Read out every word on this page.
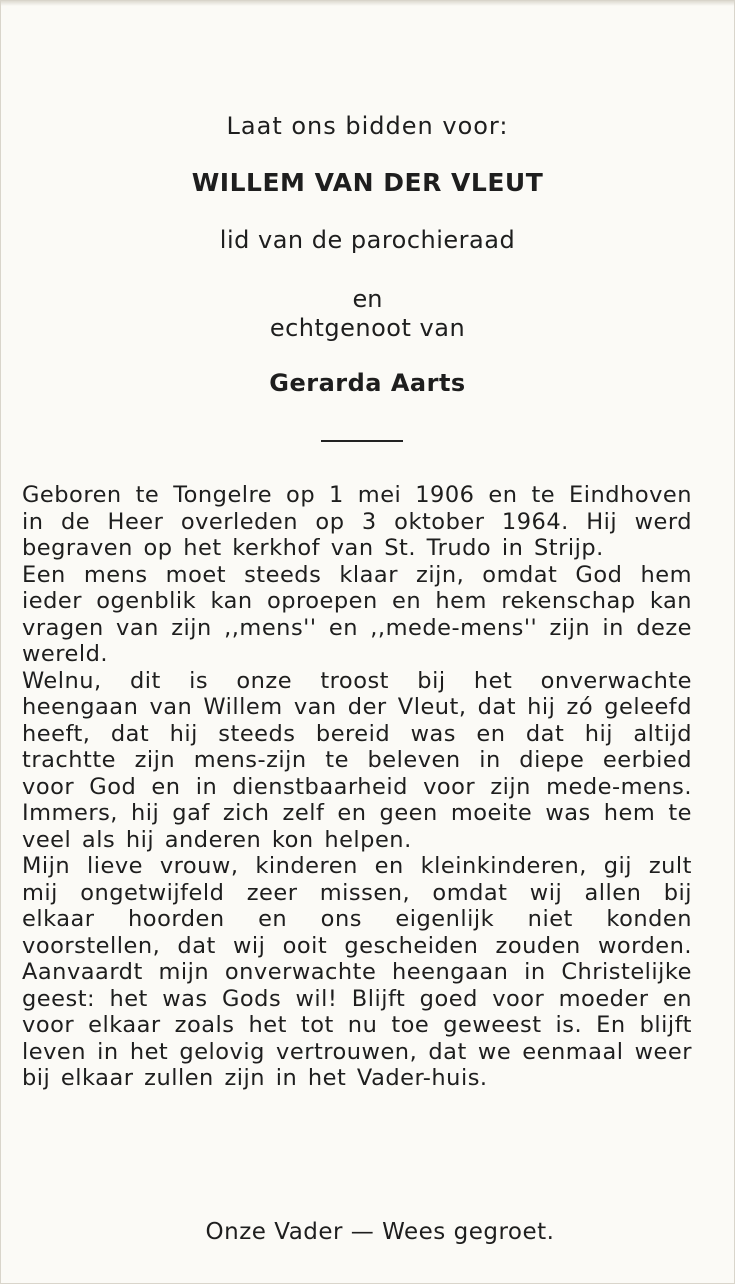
Laat ons bidden voor:
WILLEM VAN DER VLEUT
lid van de parochieraad
en
echtgenoot van
Gerarda Aarts

Geboren te Tongelre op 1 mei 1906 en te Eindhoven in de Heer overleden op 3 oktober 1964. Hij werd begraven op het kerkhof van St. Trudo in Strijp.

Een mens moet steeds klaar zijn, omdat God hem ieder ogenblik kan oproepen en hem rekenschap kan vragen van zijn ,,mens'' en ,,mede-mens'' zijn in deze wereld.

Welnu, dit is onze troost bij het onverwachte heengaan van Willem van der Vleut, dat hij zó geleefd heeft, dat hij steeds bereid was en dat hij altijd trachtte zijn mens-zijn te beleven in diepe eerbied voor God en in dienstbaarheid voor zijn mede-mens. Immers, hij gaf zich zelf en geen moeite was hem te veel als hij anderen kon helpen.

Mijn lieve vrouw, kinderen en kleinkinderen, gij zult mij ongetwijfeld zeer missen, omdat wij allen bij elkaar hoorden en ons eigenlijk niet konden voorstellen, dat wij ooit gescheiden zouden worden. Aanvaardt mijn onverwachte heengaan in Christelijke geest: het was Gods wil! Blijft goed voor moeder en voor elkaar zoals het tot nu toe geweest is. En blijft leven in het gelovig vertrouwen, dat we eenmaal weer bij elkaar zullen zijn in het Vader-huis.

Onze Vader — Wees gegroet.
